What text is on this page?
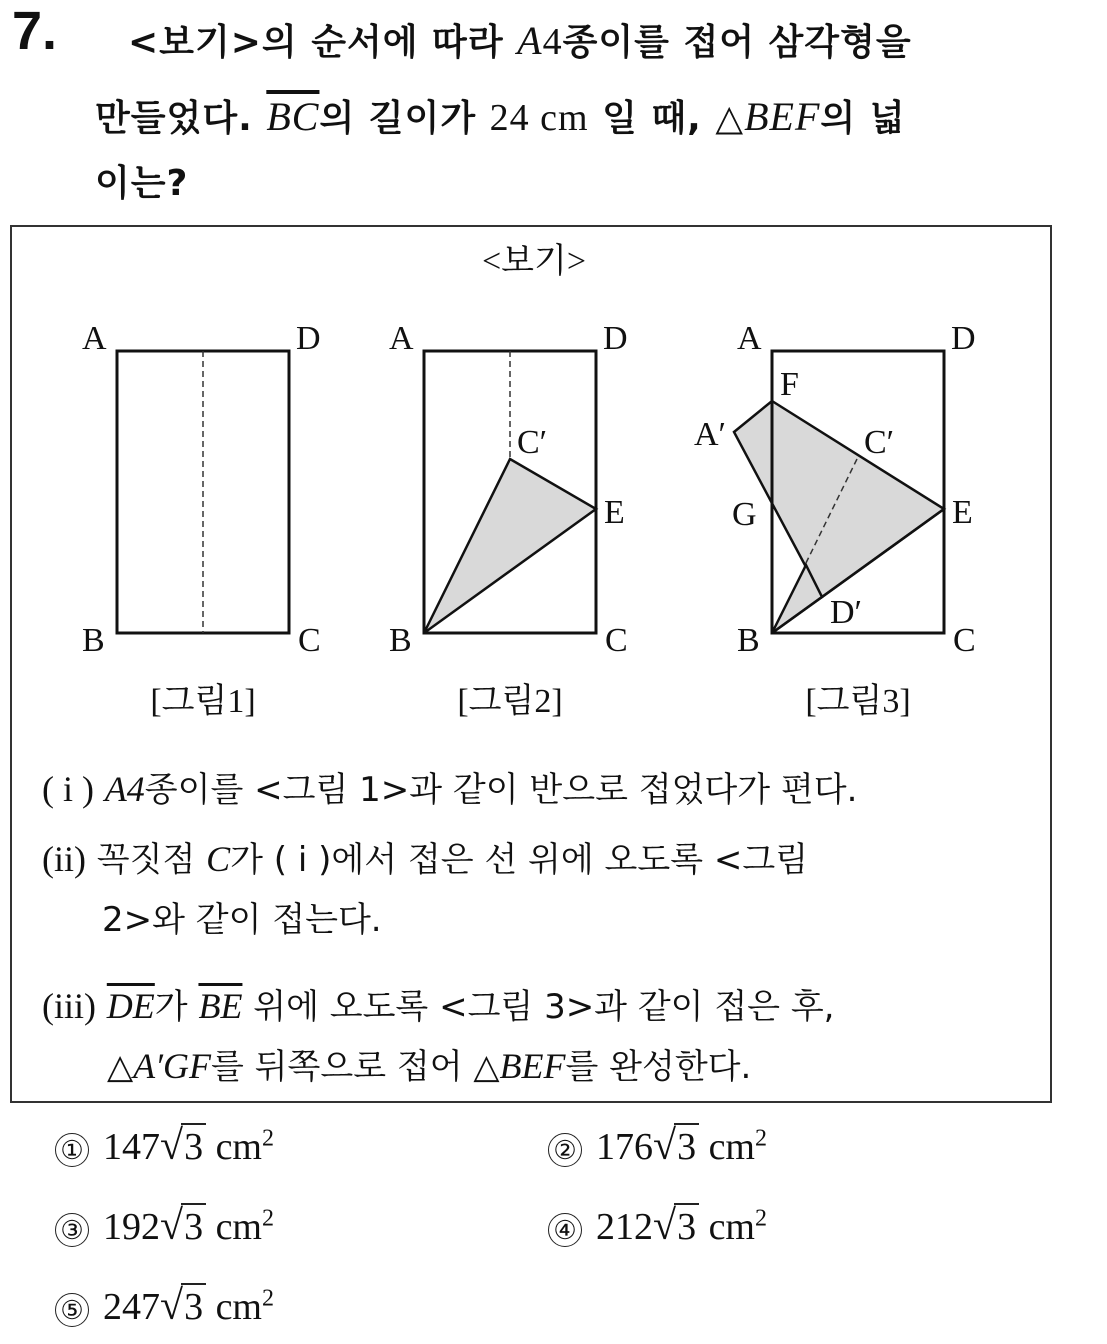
7. <보기>의 순서에 따라 A4종이를 접어 삼각형을
만들었다. $\overline{BC}$의 길이가 24 cm 일 때, △BEF의 넓
이는?
<보기>
A	D
B	C
[그림1]
A	D
B	C
C′
E
[그림2]
A	D
B	C
F
A′	C′
G	E
D′
[그림3]
( i ) A4종이를 <그림 1>과 같이 반으로 접었다가 편다.
(ii) 꼭짓점 C가 ( i )에서 접은 선 위에 오도록 <그림
2>와 같이 접는다.
(iii) $\overline{DE}$가 $\overline{BE}$ 위에 오도록 <그림 3>과 같이 접은 후,
△A′GF를 뒤쪽으로 접어 △BEF를 완성한다.
① 147√3 $cm^2$	② 176√3 $cm^2$
③ 192√3 $cm^2$	④ 212√3 $cm^2$
⑤ 247√3 $cm^2$
